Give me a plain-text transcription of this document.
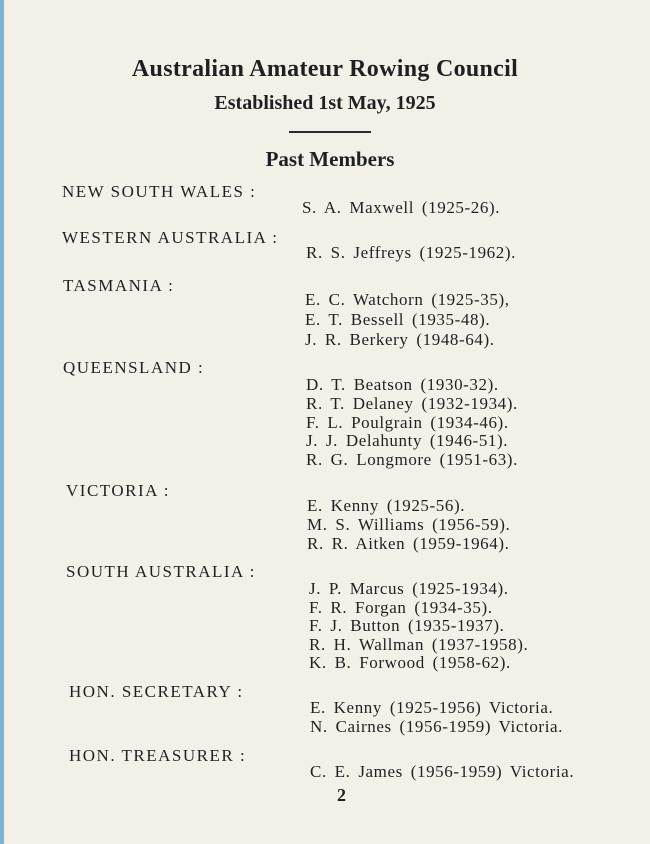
Australian Amateur Rowing Council
Established 1st May, 1925
Past Members
NEW SOUTH WALES :
S. A. Maxwell (1925-26).
WESTERN AUSTRALIA :
R. S. Jeffreys (1925-1962).
TASMANIA :
E. C. Watchorn (1925-35),
E. T. Bessell (1935-48).
J. R. Berkery (1948-64).
QUEENSLAND :
D. T. Beatson (1930-32).
R. T. Delaney (1932-1934).
F. L. Poulgrain (1934-46).
J. J. Delahunty (1946-51).
R. G. Longmore (1951-63).
VICTORIA :
E. Kenny (1925-56).
M. S. Williams (1956-59).
R. R. Aitken (1959-1964).
SOUTH AUSTRALIA :
J. P. Marcus (1925-1934).
F. R. Forgan (1934-35).
F. J. Button (1935-1937).
R. H. Wallman (1937-1958).
K. B. Forwood (1958-62).
HON. SECRETARY :
E. Kenny (1925-1956) Victoria.
N. Cairnes (1956-1959) Victoria.
HON. TREASURER :
C. E. James (1956-1959) Victoria.
2
